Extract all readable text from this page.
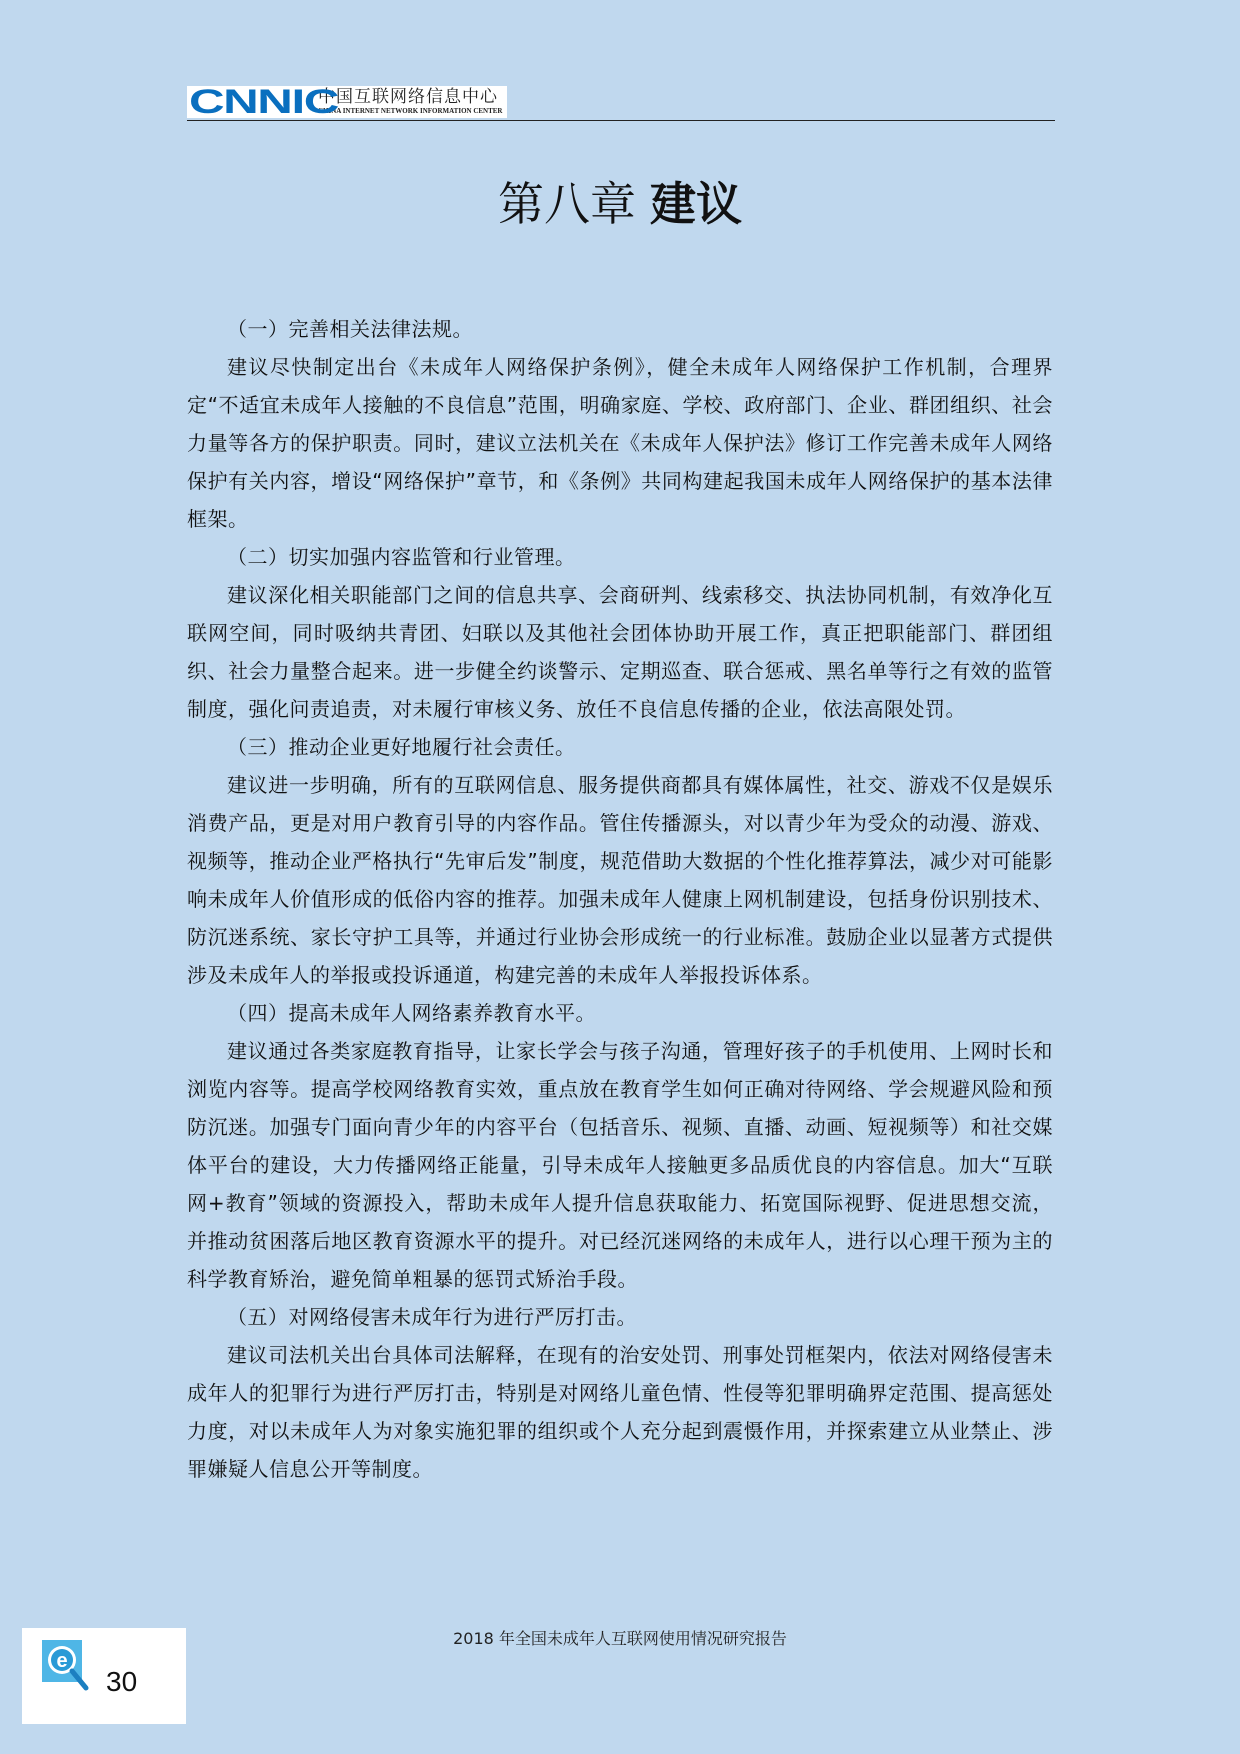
CNNIC
中国互联网络信息中心
CHINA INTERNET NETWORK INFORMATION CENTER
第八章 建议

（一）完善相关法律法规。

建议尽快制定出台《未成年人网络保护条例》，健全未成年人网络保护工作机制，合理界定“不适宜未成年人接触的不良信息”范围，明确家庭、学校、政府部门、企业、群团组织、社会力量等各方的保护职责。同时，建议立法机关在《未成年人保护法》修订工作完善未成年人网络保护有关内容，增设“网络保护”章节，和《条例》共同构建起我国未成年人网络保护的基本法律框架。

（二）切实加强内容监管和行业管理。

建议深化相关职能部门之间的信息共享、会商研判、线索移交、执法协同机制，有效净化互联网空间，同时吸纳共青团、妇联以及其他社会团体协助开展工作，真正把职能部门、群团组织、社会力量整合起来。进一步健全约谈警示、定期巡查、联合惩戒、黑名单等行之有效的监管制度，强化问责追责，对未履行审核义务、放任不良信息传播的企业，依法高限处罚。

（三）推动企业更好地履行社会责任。

建议进一步明确，所有的互联网信息、服务提供商都具有媒体属性，社交、游戏不仅是娱乐消费产品，更是对用户教育引导的内容作品。管住传播源头，对以青少年为受众的动漫、游戏、视频等，推动企业严格执行“先审后发”制度，规范借助大数据的个性化推荐算法，减少对可能影响未成年人价值形成的低俗内容的推荐。加强未成年人健康上网机制建设，包括身份识别技术、防沉迷系统、家长守护工具等，并通过行业协会形成统一的行业标准。鼓励企业以显著方式提供涉及未成年人的举报或投诉通道，构建完善的未成年人举报投诉体系。

（四）提高未成年人网络素养教育水平。

建议通过各类家庭教育指导，让家长学会与孩子沟通，管理好孩子的手机使用、上网时长和浏览内容等。提高学校网络教育实效，重点放在教育学生如何正确对待网络、学会规避风险和预防沉迷。加强专门面向青少年的内容平台（包括音乐、视频、直播、动画、短视频等）和社交媒体平台的建设，大力传播网络正能量，引导未成年人接触更多品质优良的内容信息。加大“互联网+教育”领域的资源投入，帮助未成年人提升信息获取能力、拓宽国际视野、促进思想交流，并推动贫困落后地区教育资源水平的提升。对已经沉迷网络的未成年人，进行以心理干预为主的科学教育矫治，避免简单粗暴的惩罚式矫治手段。

（五）对网络侵害未成年行为进行严厉打击。

建议司法机关出台具体司法解释，在现有的治安处罚、刑事处罚框架内，依法对网络侵害未成年人的犯罪行为进行严厉打击，特别是对网络儿童色情、性侵等犯罪明确界定范围、提高惩处力度，对以未成年人为对象实施犯罪的组织或个人充分起到震慑作用，并探索建立从业禁止、涉罪嫌疑人信息公开等制度。

2018 年全国未成年人互联网使用情况研究报告
e
30
